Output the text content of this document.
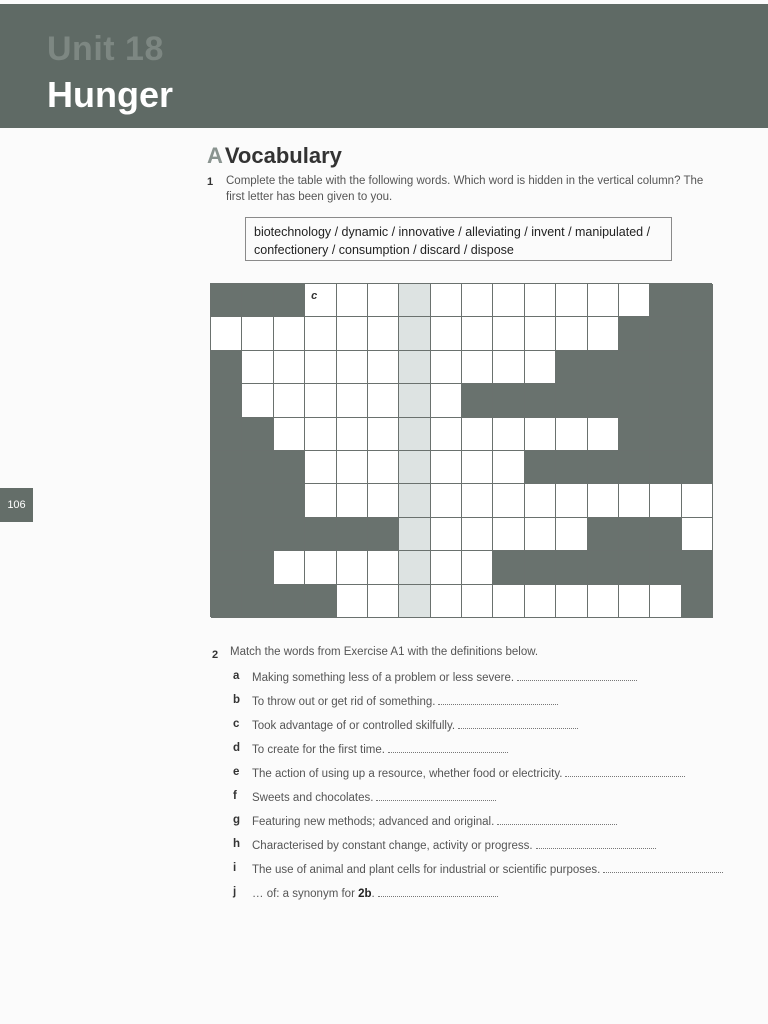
Unit 18
Hunger
106
AVocabulary
1 Complete the table with the following words. Which word is hidden in the vertical column? The first letter has been given to you.
biotechnology / dynamic / innovative / alleviating / invent / manipulated /
confectionery / consumption / discard / dispose
c
2 Match the words from Exercise A1 with the definitions below.
a Making something less of a problem or less severe.
b To throw out or get rid of something.
c Took advantage of or controlled skilfully.
d To create for the first time.
e The action of using up a resource, whether food or electricity.
f Sweets and chocolates.
g Featuring new methods; advanced and original.
h Characterised by constant change, activity or progress.
i The use of animal and plant cells for industrial or scientific purposes.
j … of: a synonym for 2b.
